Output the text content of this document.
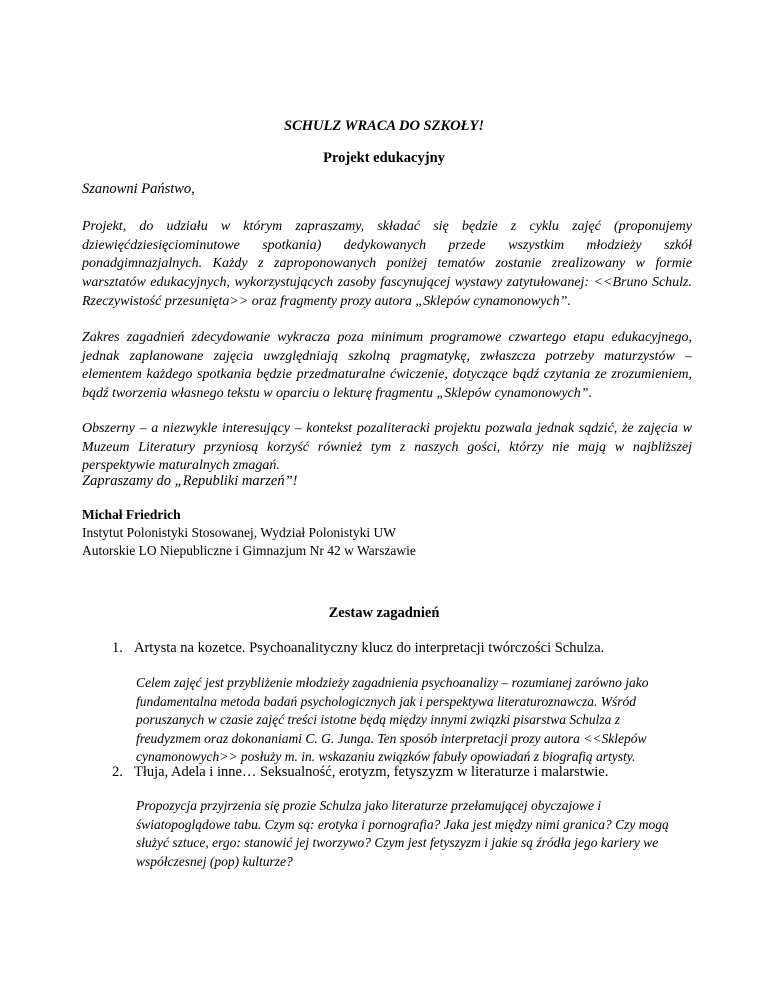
SCHULZ WRACA DO SZKOŁY!
Projekt edukacyjny
Szanowni Państwo,

Projekt, do udziału w którym zapraszamy, składać się będzie z cyklu zajęć (proponujemy dziewięćdziesięciominutowe spotkania) dedykowanych przede wszystkim młodzieży szkół ponadgimnazjalnych. Każdy z zaproponowanych poniżej tematów zostanie zrealizowany w formie warsztatów edukacyjnych, wykorzystujących zasoby fascynującej wystawy zatytułowanej: <<Bruno Schulz. Rzeczywistość przesunięta>> oraz fragmenty prozy autora „Sklepów cynamonowych”.

Zakres zagadnień zdecydowanie wykracza poza minimum programowe czwartego etapu edukacyjnego, jednak zaplanowane zajęcia uwzględniają szkolną pragmatykę, zwłaszcza potrzeby maturzystów – elementem każdego spotkania będzie przedmaturalne ćwiczenie, dotyczące bądź czytania ze zrozumieniem, bądź tworzenia własnego tekstu w oparciu o lekturę fragmentu „Sklepów cynamonowych”.

Obszerny – a niezwykle interesujący – kontekst pozaliteracki projektu pozwala jednak sądzić, że zajęcia w Muzeum Literatury przyniosą korzyść również tym z naszych gości, którzy nie mają w najbliższej perspektywie maturalnych zmagań.

Zapraszamy do „Republiki marzeń”!

Michał Friedrich
Instytut Polonistyki Stosowanej, Wydział Polonistyki UW
Autorskie LO Niepubliczne i Gimnazjum Nr 42 w Warszawie
Zestaw zagadnień
1. Artysta na kozetce. Psychoanalityczny klucz do interpretacji twórczości Schulza.

Celem zajęć jest przybliżenie młodzieży zagadnienia psychoanalizy – rozumianej zarówno jako fundamentalna metoda badań psychologicznych jak i perspektywa literaturoznawcza. Wśród poruszanych w czasie zajęć treści istotne będą między innymi związki pisarstwa Schulza z freudyzmem oraz dokonaniami C. G. Junga. Ten sposób interpretacji prozy autora <<Sklepów cynamonowych>> posłuży m. in. wskazaniu związków fabuły opowiadań z biografią artysty.

2. Tłuja, Adela i inne… Seksualność, erotyzm, fetyszyzm w literaturze i malarstwie.

Propozycja przyjrzenia się prozie Schulza jako literaturze przełamującej obyczajowe i światopoglądowe tabu. Czym są: erotyka i pornografia? Jaka jest między nimi granica? Czy mogą służyć sztuce, ergo: stanowić jej tworzywo? Czym jest fetyszyzm i jakie są źródła jego kariery we współczesnej (pop) kulturze?
